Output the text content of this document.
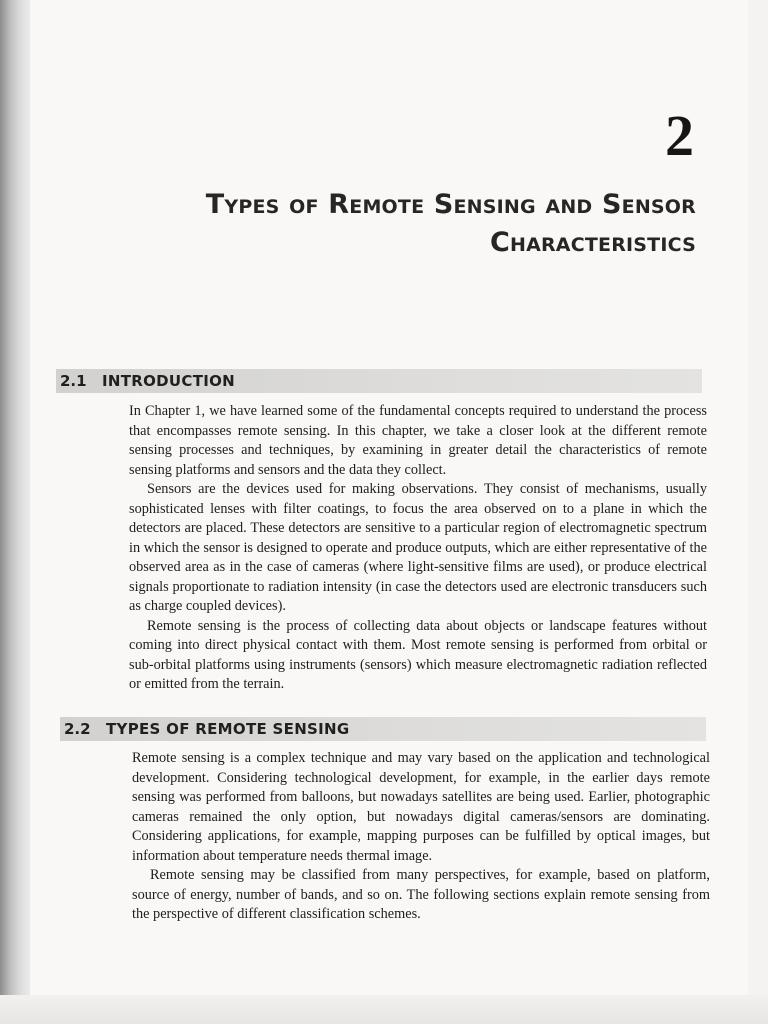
2
Types of Remote Sensing and Sensor Characteristics
2.1 INTRODUCTION

In Chapter 1, we have learned some of the fundamental concepts required to understand the process that encompasses remote sensing. In this chapter, we take a closer look at the different remote sensing processes and techniques, by examining in greater detail the characteristics of remote sensing platforms and sensors and the data they collect.

Sensors are the devices used for making observations. They consist of mechanisms, usually sophisticated lenses with filter coatings, to focus the area observed on to a plane in which the detectors are placed. These detectors are sensitive to a particular region of electromagnetic spectrum in which the sensor is designed to operate and produce outputs, which are either representative of the observed area as in the case of cameras (where light-sensitive films are used), or produce electrical signals proportionate to radiation intensity (in case the detectors used are electronic transducers such as charge coupled devices).

Remote sensing is the process of collecting data about objects or landscape features without coming into direct physical contact with them. Most remote sensing is performed from orbital or sub-orbital platforms using instruments (sensors) which measure electromagnetic radiation reflected or emitted from the terrain.

2.2 TYPES OF REMOTE SENSING

Remote sensing is a complex technique and may vary based on the application and technological development. Considering technological development, for example, in the earlier days remote sensing was performed from balloons, but nowadays satellites are being used. Earlier, photographic cameras remained the only option, but nowadays digital cameras/sensors are dominating. Considering applications, for example, mapping purposes can be fulfilled by optical images, but information about temperature needs thermal image.

Remote sensing may be classified from many perspectives, for example, based on platform, source of energy, number of bands, and so on. The following sections explain remote sensing from the perspective of different classification schemes.
